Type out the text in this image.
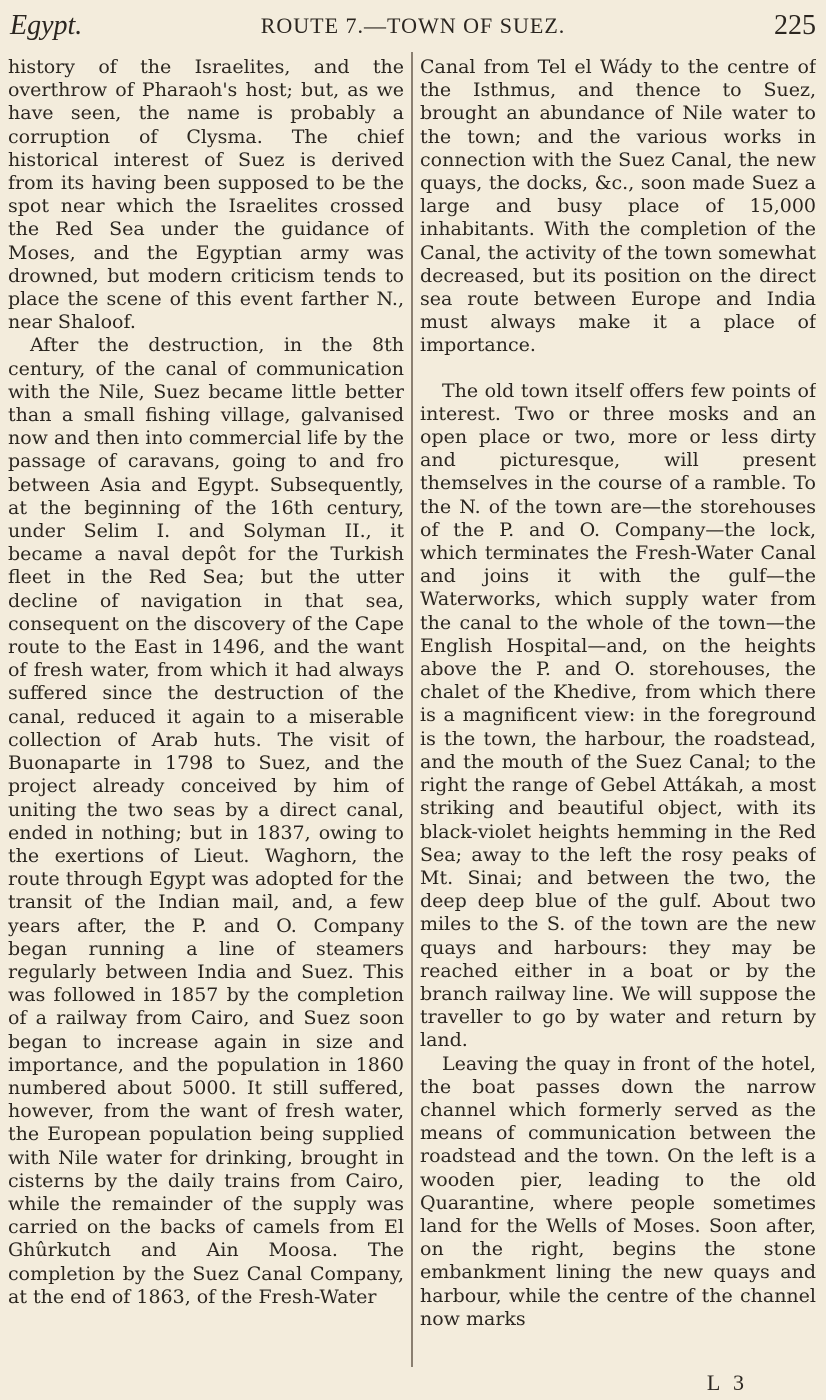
Egypt.	ROUTE 7.—TOWN OF SUEZ.	225

history of the Israelites, and the overthrow of Pharaoh's host; but, as we have seen, the name is probably a corruption of Clysma. The chief historical interest of Suez is derived from its having been supposed to be the spot near which the Israelites crossed the Red Sea under the guidance of Moses, and the Egyptian army was drowned, but modern criticism tends to place the scene of this event farther N., near Shaloof.

After the destruction, in the 8th century, of the canal of communication with the Nile, Suez became little better than a small fishing village, galvanised now and then into commercial life by the passage of caravans, going to and fro between Asia and Egypt. Subsequently, at the beginning of the 16th century, under Selim I. and Solyman II., it became a naval depôt for the Turkish fleet in the Red Sea; but the utter decline of navigation in that sea, consequent on the discovery of the Cape route to the East in 1496, and the want of fresh water, from which it had always suffered since the destruction of the canal, reduced it again to a miserable collection of Arab huts. The visit of Buonaparte in 1798 to Suez, and the project already conceived by him of uniting the two seas by a direct canal, ended in nothing; but in 1837, owing to the exertions of Lieut. Waghorn, the route through Egypt was adopted for the transit of the Indian mail, and, a few years after, the P. and O. Company began running a line of steamers regularly between India and Suez. This was followed in 1857 by the completion of a railway from Cairo, and Suez soon began to increase again in size and importance, and the population in 1860 numbered about 5000. It still suffered, however, from the want of fresh water, the European population being supplied with Nile water for drinking, brought in cisterns by the daily trains from Cairo, while the remainder of the supply was carried on the backs of camels from El Ghûrkutch and Ain Moosa. The completion by the Suez Canal Company, at the end of 1863, of the Fresh-Water

Canal from Tel el Wády to the centre of the Isthmus, and thence to Suez, brought an abundance of Nile water to the town; and the various works in connection with the Suez Canal, the new quays, the docks, &c., soon made Suez a large and busy place of 15,000 inhabitants. With the completion of the Canal, the activity of the town somewhat decreased, but its position on the direct sea route between Europe and India must always make it a place of importance.

The old town itself offers few points of interest. Two or three mosks and an open place or two, more or less dirty and picturesque, will present themselves in the course of a ramble. To the N. of the town are—the storehouses of the P. and O. Company—the lock, which terminates the Fresh-Water Canal and joins it with the gulf—the Waterworks, which supply water from the canal to the whole of the town—the English Hospital—and, on the heights above the P. and O. storehouses, the chalet of the Khedive, from which there is a magnificent view: in the foreground is the town, the harbour, the roadstead, and the mouth of the Suez Canal; to the right the range of Gebel Attákah, a most striking and beautiful object, with its black-violet heights hemming in the Red Sea; away to the left the rosy peaks of Mt. Sinai; and between the two, the deep deep blue of the gulf. About two miles to the S. of the town are the new quays and harbours: they may be reached either in a boat or by the branch railway line. We will suppose the traveller to go by water and return by land.

Leaving the quay in front of the hotel, the boat passes down the narrow channel which formerly served as the means of communication between the roadstead and the town. On the left is a wooden pier, leading to the old Quarantine, where people sometimes land for the Wells of Moses. Soon after, on the right, begins the stone embankment lining the new quays and harbour, while the centre of the channel now marks

L 3
